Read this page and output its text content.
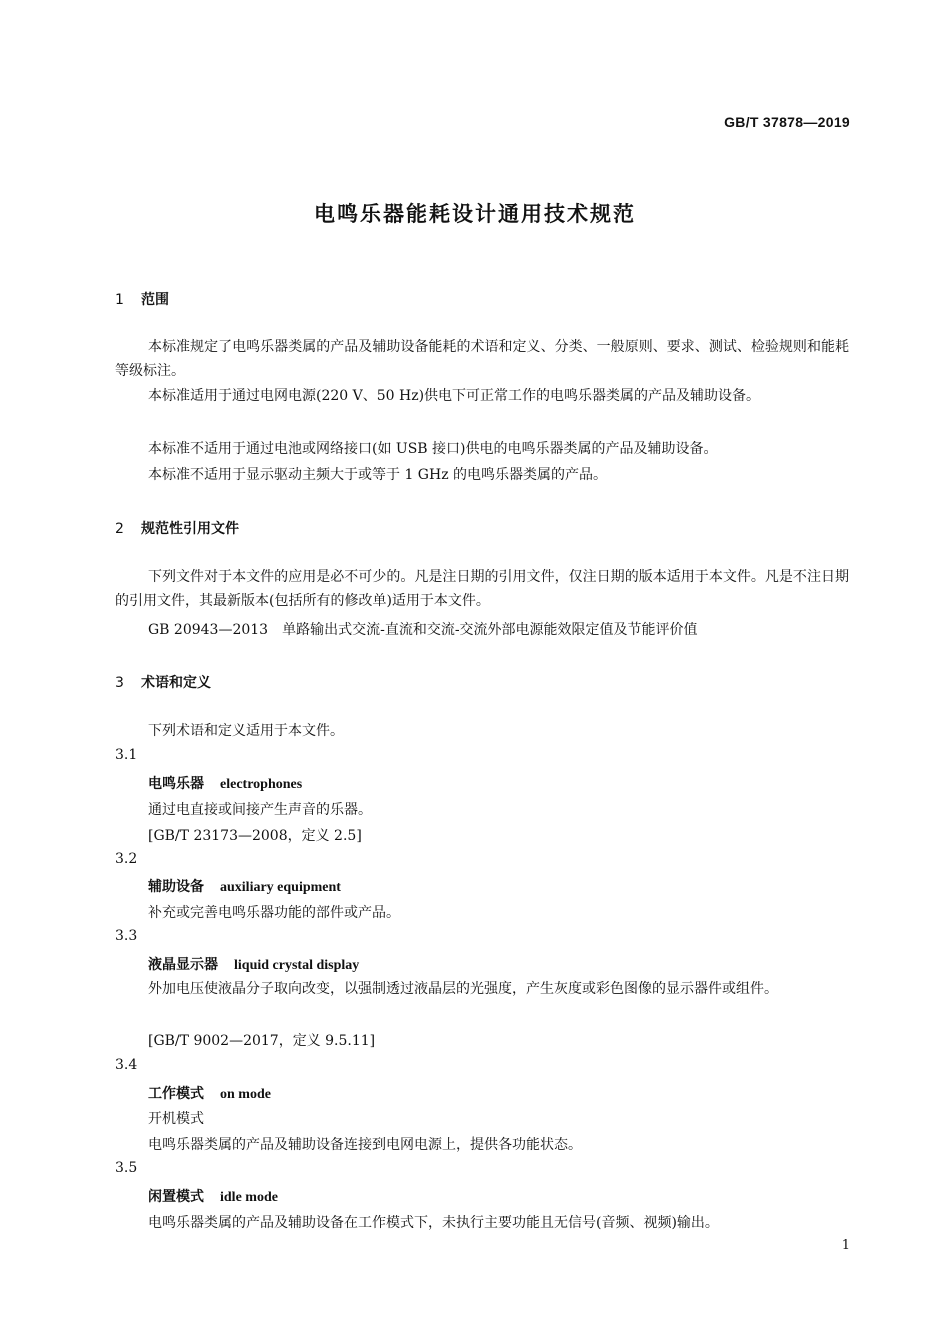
GB/T 37878—2019
电鸣乐器能耗设计通用技术规范
1 范围
本标准规定了电鸣乐器类属的产品及辅助设备能耗的术语和定义、分类、一般原则、要求、测试、检验规则和能耗等级标注。
本标准适用于通过电网电源(220 V、50 Hz)供电下可正常工作的电鸣乐器类属的产品及辅助设备。
本标准不适用于通过电池或网络接口(如 USB 接口)供电的电鸣乐器类属的产品及辅助设备。
本标准不适用于显示驱动主频大于或等于 1 GHz 的电鸣乐器类属的产品。
2 规范性引用文件
下列文件对于本文件的应用是必不可少的。凡是注日期的引用文件，仅注日期的版本适用于本文件。凡是不注日期的引用文件，其最新版本(包括所有的修改单)适用于本文件。
GB 20943—2013　单路输出式交流-直流和交流-交流外部电源能效限定值及节能评价值
3 术语和定义
下列术语和定义适用于本文件。
3.1
电鸣乐器 electrophones
通过电直接或间接产生声音的乐器。
[GB/T 23173—2008，定义 2.5]
3.2
辅助设备 auxiliary equipment
补充或完善电鸣乐器功能的部件或产品。
3.3
液晶显示器 liquid crystal display
外加电压使液晶分子取向改变，以强制透过液晶层的光强度，产生灰度或彩色图像的显示器件或组件。
[GB/T 9002—2017，定义 9.5.11]
3.4
工作模式 on mode
开机模式
电鸣乐器类属的产品及辅助设备连接到电网电源上，提供各功能状态。
3.5
闲置模式 idle mode
电鸣乐器类属的产品及辅助设备在工作模式下，未执行主要功能且无信号(音频、视频)输出。
1
